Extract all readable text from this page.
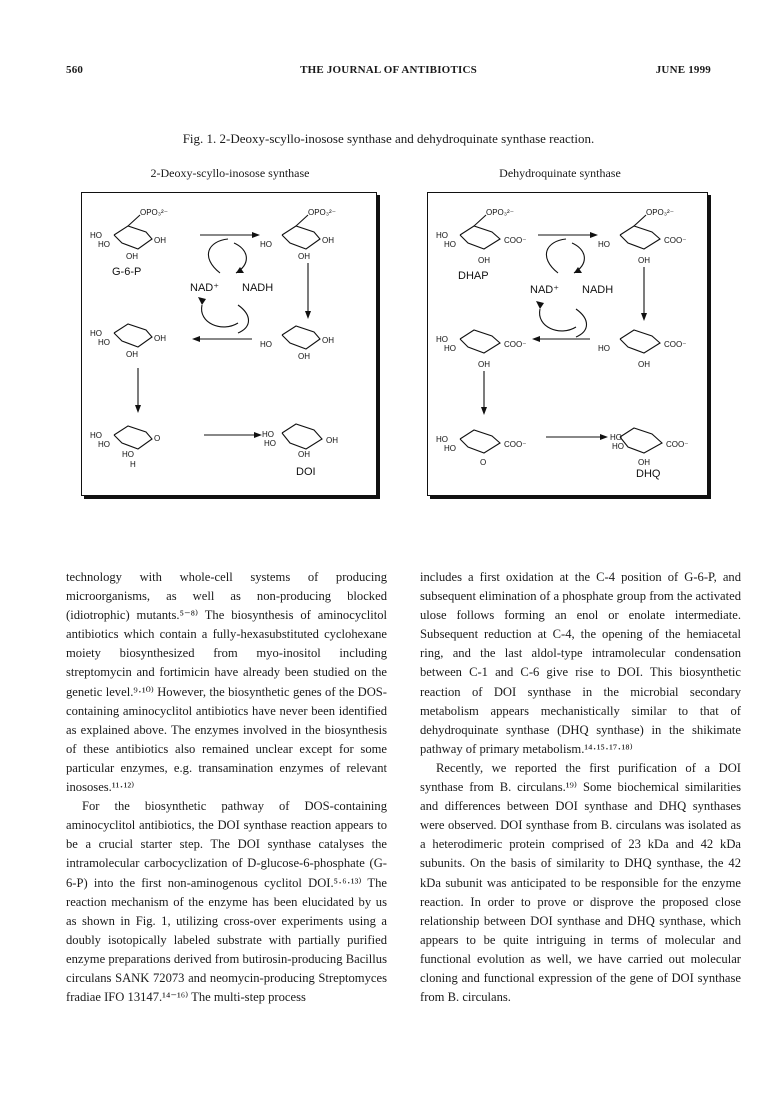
560	THE JOURNAL OF ANTIBIOTICS	JUNE 1999
Fig. 1. 2-Deoxy-scyllo-inosose synthase and dehydroquinate synthase reaction.
2-Deoxy-scyllo-inosose synthase	Dehydroquinate synthase
OPO₃²⁻
HO
HO	OH
OH
OPO₃²⁻
HO	OH
OH
HO
HO	OH
OH
HO	OH
OH
HO
HO
O
HO
H
HO
HO	OH
OH
G-6-P
NAD⁺ NADH
DOI
OPO₃²⁻
HO
HO	COO⁻
OH
OPO₃²⁻
HO	COO⁻
OH
HO
HO	COO⁻
OH
HO	COO⁻
OH
HO
HO	COO⁻
O
HO
HO	COO⁻
OH
DHAP
NAD⁺ NADH
DHQ

technology with whole-cell systems of producing microorganisms, as well as non-producing blocked (idiotrophic) mutants.⁵⁻⁸⁾ The biosynthesis of aminocyclitol antibiotics which contain a fully-hexasubstituted cyclohexane moiety biosynthesized from myo-inositol including streptomycin and fortimicin have already been studied on the genetic level.⁹·¹⁰⁾ However, the biosynthetic genes of the DOS-containing aminocyclitol antibiotics have never been identified as explained above. The enzymes involved in the biosynthesis of these antibiotics also remained unclear except for some particular enzymes, e.g. transamination enzymes of relevant inososes.¹¹·¹²⁾

For the biosynthetic pathway of DOS-containing aminocyclitol antibiotics, the DOI synthase reaction appears to be a crucial starter step. The DOI synthase catalyses the intramolecular carbocyclization of D-glucose-6-phosphate (G-6-P) into the first non-aminogenous cyclitol DOI.⁵·⁶·¹³⁾ The reaction mechanism of the enzyme has been elucidated by us as shown in Fig. 1, utilizing cross-over experiments using a doubly isotopically labeled substrate with partially purified enzyme preparations derived from butirosin-producing Bacillus circulans SANK 72073 and neomycin-producing Streptomyces fradiae IFO 13147.¹⁴⁻¹⁶⁾ The multi-step process

includes a first oxidation at the C-4 position of G-6-P, and subsequent elimination of a phosphate group from the activated ulose follows forming an enol or enolate intermediate. Subsequent reduction at C-4, the opening of the hemiacetal ring, and the last aldol-type intramolecular condensation between C-1 and C-6 give rise to DOI. This biosynthetic reaction of DOI synthase in the microbial secondary metabolism appears mechanistically similar to that of dehydroquinate synthase (DHQ synthase) in the shikimate pathway of primary metabolism.¹⁴·¹⁵·¹⁷·¹⁸⁾

Recently, we reported the first purification of a DOI synthase from B. circulans.¹⁹⁾ Some biochemical similarities and differences between DOI synthase and DHQ synthases were observed. DOI synthase from B. circulans was isolated as a heterodimeric protein comprised of 23 kDa and 42 kDa subunits. On the basis of similarity to DHQ synthase, the 42 kDa subunit was anticipated to be responsible for the enzyme reaction. In order to prove or disprove the proposed close relationship between DOI synthase and DHQ synthase, which appears to be quite intriguing in terms of molecular and functional evolution as well, we have carried out molecular cloning and functional expression of the gene of DOI synthase from B. circulans.
